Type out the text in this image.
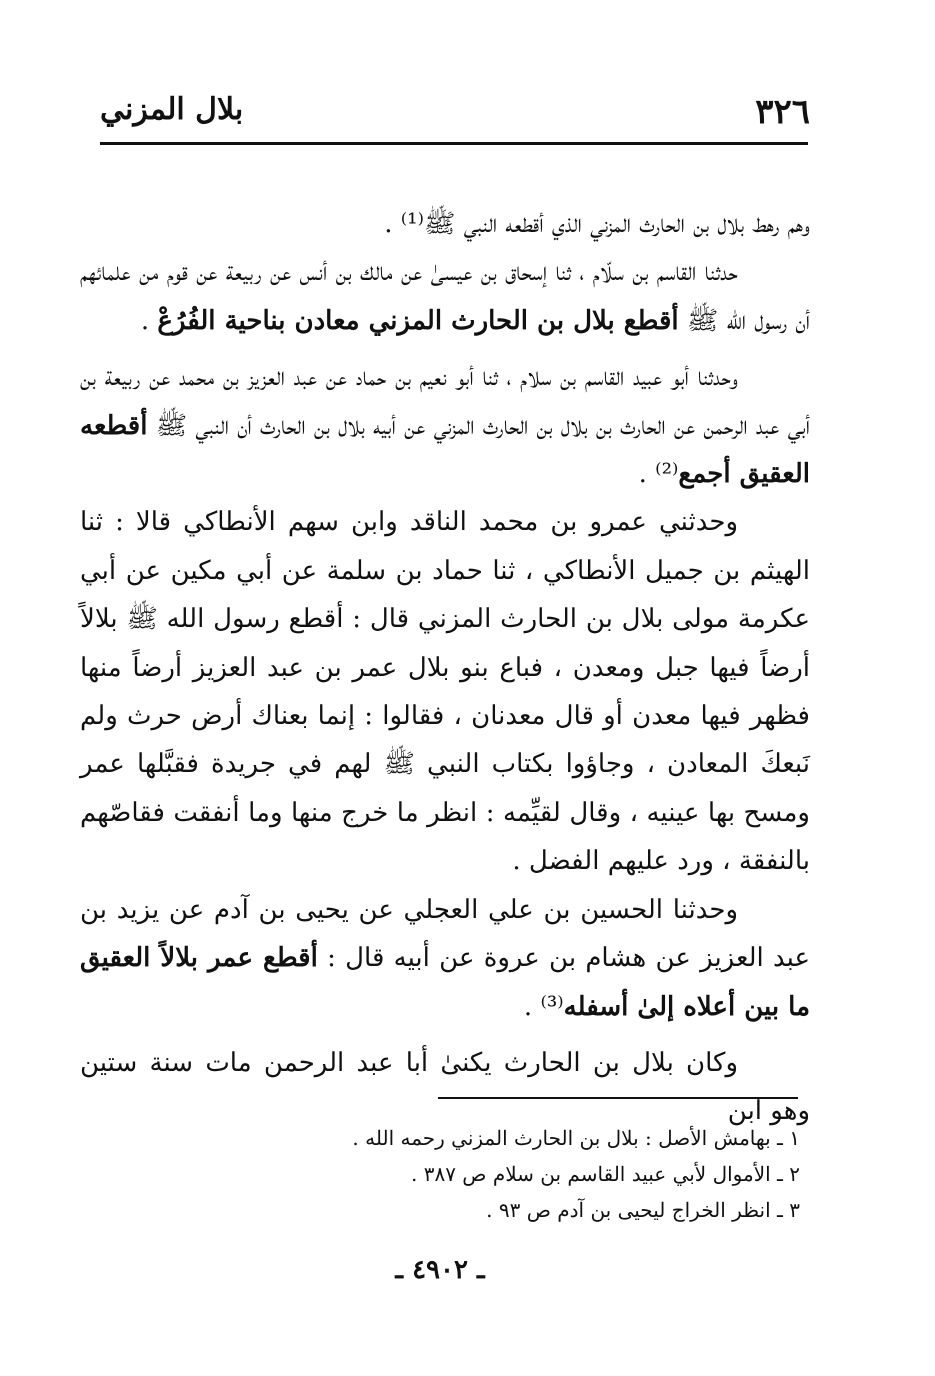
٣٢٦
بلال المزني

وهم رهط بلال بن الحارث المزني الذي أقطعه النبي ﷺ⁽¹⁾ .

حدثنا القاسم بن سلّام ، ثنا إسحاق بن عيسىٰ عن مالك بن أنس عن ربيعة عن قوم من علمائهم أن رسول الله ﷺ أقطع بلال بن الحارث المزني معادن بناحية الفُرُعْ .

وحدثنا أبو عبيد القاسم بن سلام ، ثنا أبو نعيم بن حماد عن عبد العزيز بن محمد عن ربيعة بن أبي عبد الرحمن عن الحارث بن بلال بن الحارث المزني عن أبيه بلال بن الحارث أن النبي ﷺ أقطعه العقيق أجمع⁽²⁾ .

وحدثني عمرو بن محمد الناقد وابن سهم الأنطاكي قالا : ثنا الهيثم بن جميل الأنطاكي ، ثنا حماد بن سلمة عن أبي مكين عن أبي عكرمة مولى بلال بن الحارث المزني قال : أقطع رسول الله ﷺ بلالاً أرضاً فيها جبل ومعدن ، فباع بنو بلال عمر بن عبد العزيز أرضاً منها فظهر فيها معدن أو قال معدنان ، فقالوا : إنما بعناك أرض حرث ولم نَبعكَ المعادن ، وجاؤوا بكتاب النبي ﷺ لهم في جريدة فقبَّلها عمر ومسح بها عينيه ، وقال لقيِّمه : انظر ما خرج منها وما أنفقت فقاصّهم بالنفقة ، ورد عليهم الفضل .

وحدثنا الحسين بن علي العجلي عن يحيى بن آدم عن يزيد بن عبد العزيز عن هشام بن عروة عن أبيه قال : أقطع عمر بلالاً العقيق ما بين أعلاه إلىٰ أسفله⁽³⁾ .

وكان بلال بن الحارث يكنىٰ أبا عبد الرحمن مات سنة ستين وهو ابن

١ ـ بهامش الأصل : بلال بن الحارث المزني رحمه الله .
٢ ـ الأموال لأبي عبيد القاسم بن سلام ص ٣٨٧ .
٣ ـ انظر الخراج ليحيى بن آدم ص ٩٣ .
ـ ٤٩٠٢ ـ
